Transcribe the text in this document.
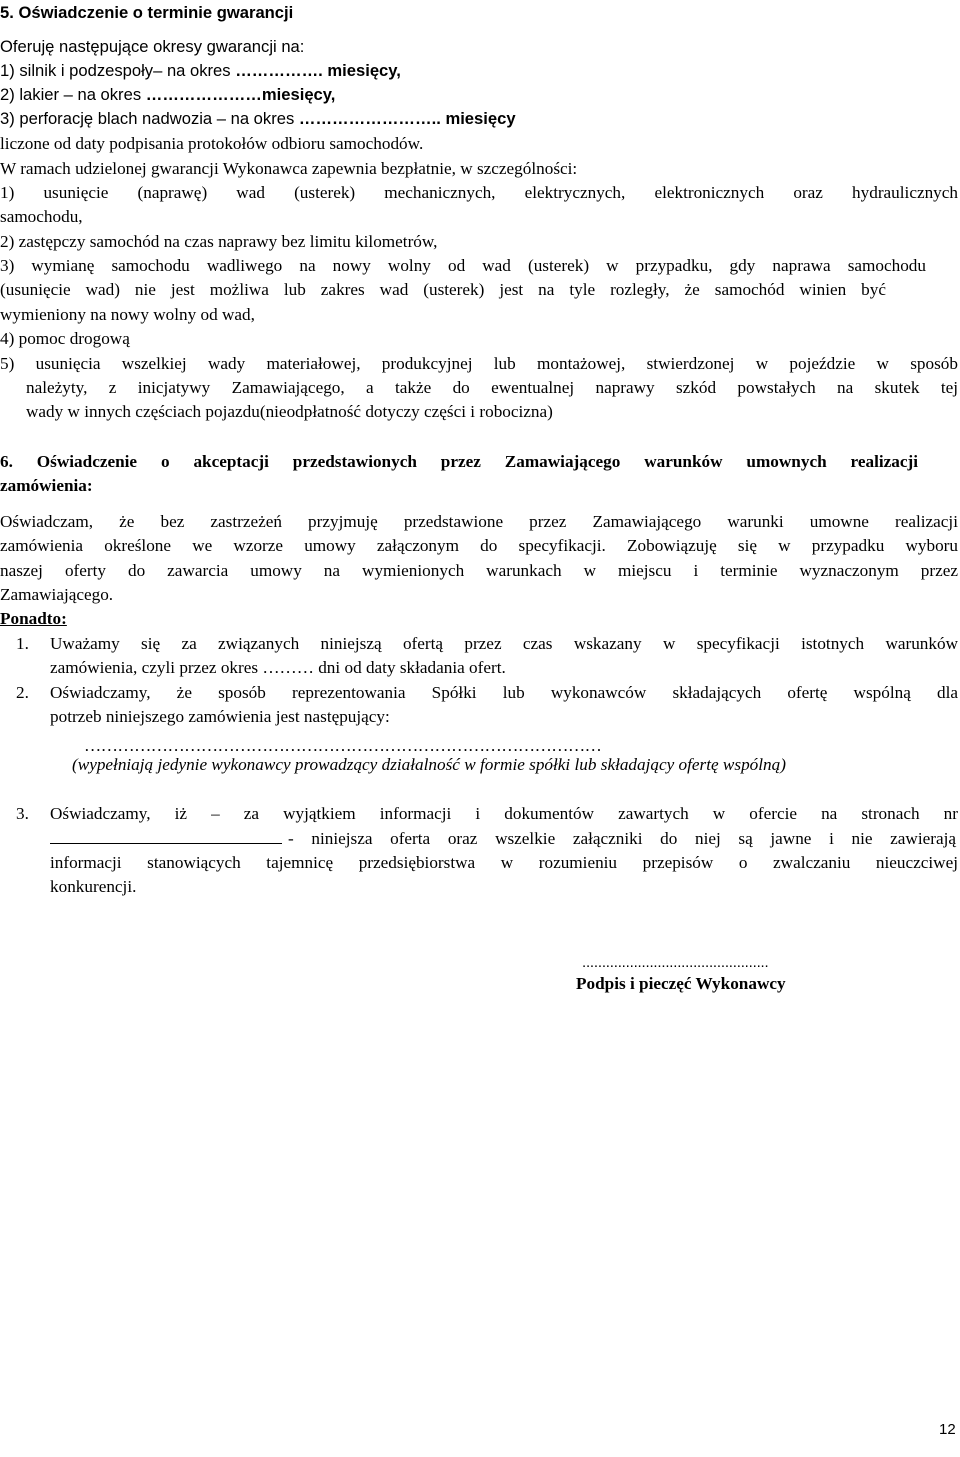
5. Oświadczenie o terminie gwarancji
Oferuję następujące okresy gwarancji na:
1) silnik i podzespoły– na okres ……………. miesięcy,
2) lakier – na okres …………………miesięcy,
3) perforację blach nadwozia – na okres …………………….. miesięcy
liczone od daty podpisania protokołów odbioru samochodów.
W ramach udzielonej gwarancji Wykonawca zapewnia bezpłatnie, w szczególności:
1) usunięcie (naprawę) wad (usterek) mechanicznych, elektrycznych, elektronicznych oraz hydraulicznych
samochodu,
2) zastępczy samochód na czas naprawy bez limitu kilometrów,
3) wymianę samochodu wadliwego na nowy wolny od wad (usterek) w przypadku, gdy naprawa samochodu
(usunięcie wad) nie jest możliwa lub zakres wad (usterek) jest na tyle rozległy, że samochód winien być
wymieniony na nowy wolny od wad,
4) pomoc drogową
5) usunięcia wszelkiej wady materiałowej, produkcyjnej lub montażowej, stwierdzonej w pojeździe w sposób
należyty, z inicjatywy Zamawiającego, a także do ewentualnej naprawy szkód powstałych na skutek tej
wady w innych częściach pojazdu(nieodpłatność dotyczy części i robocizna)
6. Oświadczenie o akceptacji przedstawionych przez Zamawiającego warunków umownych realizacji
zamówienia:
Oświadczam, że bez zastrzeżeń przyjmuję przedstawione przez Zamawiającego warunki umowne realizacji
zamówienia określone we wzorze umowy załączonym do specyfikacji. Zobowiązuję się w przypadku wyboru
naszej oferty do zawarcia umowy na wymienionych warunkach w miejscu i terminie wyznaczonym przez
Zamawiającego.
Ponadto:
1. Uważamy się za związanych niniejszą ofertą przez czas wskazany w specyfikacji istotnych warunków
zamówienia, czyli przez okres ……… dni od daty składania ofert.
2. Oświadczamy, że sposób reprezentowania Spółki lub wykonawców składających ofertę wspólną dla
potrzeb niniejszego zamówienia jest następujący:
…………………………………………………………………………………
(wypełniają jedynie wykonawcy prowadzący działalność w formie spółki lub składający ofertę wspólną)
3. Oświadczamy, iż – za wyjątkiem informacji i dokumentów zawartych w ofercie na stronach nr
- niniejsza oferta oraz wszelkie załączniki do niej są jawne i nie zawierają
informacji stanowiących tajemnicę przedsiębiorstwa w rozumieniu przepisów o zwalczaniu nieuczciwej
konkurencji.
...............................................
Podpis i pieczęć Wykonawcy
12
